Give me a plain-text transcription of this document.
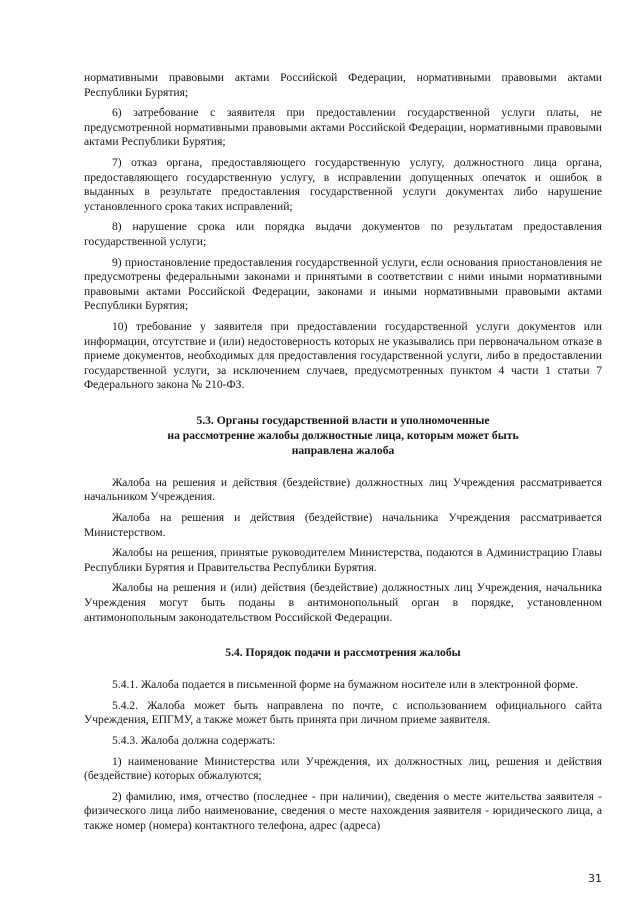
нормативными правовыми актами Российской Федерации, нормативными правовыми актами Республики Бурятия;

6) затребование с заявителя при предоставлении государственной услуги платы, не предусмотренной нормативными правовыми актами Российской Федерации, нормативными правовыми актами Республики Бурятия;

7) отказ органа, предоставляющего государственную услугу, должностного лица органа, предоставляющего государственную услугу, в исправлении допущенных опечаток и ошибок в выданных в результате предоставления государственной услуги документах либо нарушение установленного срока таких исправлений;

8) нарушение срока или порядка выдачи документов по результатам предоставления государственной услуги;

9) приостановление предоставления государственной услуги, если основания приостановления не предусмотрены федеральными законами и принятыми в соответствии с ними иными нормативными правовыми актами Российской Федерации, законами и иными нормативными правовыми актами Республики Бурятия;

10) требование у заявителя при предоставлении государственной услуги документов или информации, отсутствие и (или) недостоверность которых не указывались при первоначальном отказе в приеме документов, необходимых для предоставления государственной услуги, либо в предоставлении государственной услуги, за исключением случаев, предусмотренных пунктом 4 части 1 статьи 7 Федерального закона № 210-ФЗ.

5.3. Органы государственной власти и уполномоченные
на рассмотрение жалобы должностные лица, которым может быть
направлена жалоба

Жалоба на решения и действия (бездействие) должностных лиц Учреждения рассматривается начальником Учреждения.

Жалоба на решения и действия (бездействие) начальника Учреждения рассматривается Министерством.

Жалобы на решения, принятые руководителем Министерства, подаются в Администрацию Главы Республики Бурятия и Правительства Республики Бурятия.

Жалобы на решения и (или) действия (бездействие) должностных лиц Учреждения, начальника Учреждения могут быть поданы в антимонопольный орган в порядке, установленном антимонопольным законодательством Российской Федерации.

5.4. Порядок подачи и рассмотрения жалобы

5.4.1. Жалоба подается в письменной форме на бумажном носителе или в электронной форме.

5.4.2. Жалоба может быть направлена по почте, с использованием официального сайта Учреждения, ЕПГМУ, а также может быть принята при личном приеме заявителя.

5.4.3. Жалоба должна содержать:

1) наименование Министерства или Учреждения, их должностных лиц, решения и действия (бездействие) которых обжалуются;

2) фамилию, имя, отчество (последнее - при наличии), сведения о месте жительства заявителя - физического лица либо наименование, сведения о месте нахождения заявителя - юридического лица, а также номер (номера) контактного телефона, адрес (адреса)

31
